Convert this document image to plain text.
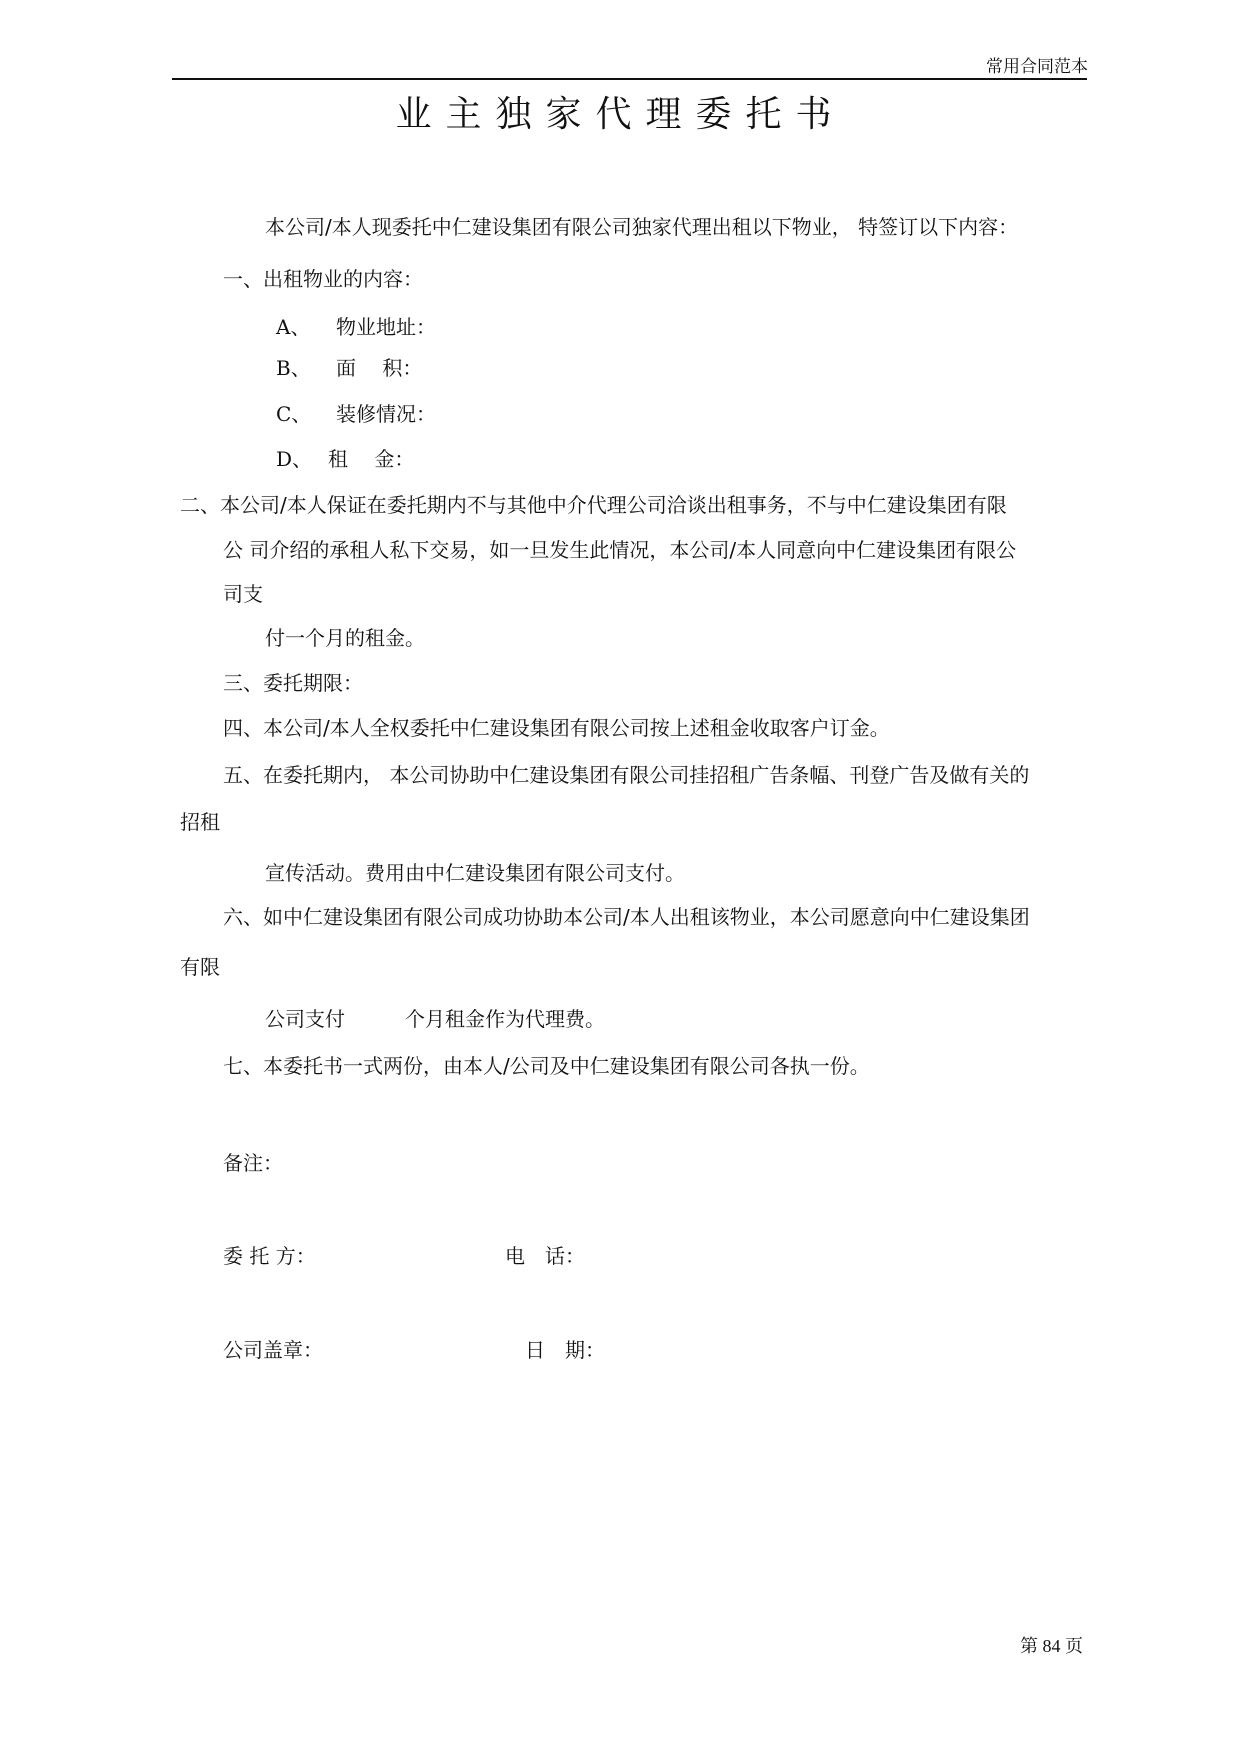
常用合同范本
业主独家代理委托书
本公司/本人现委托中仁建设集团有限公司独家代理出租以下物业， 特签订以下内容：
一、出租物业的内容：
A、 物业地址：
B、 面　 积：
C、 装修情况：
D、 租　 金：
二、本公司/本人保证在委托期内不与其他中介代理公司洽谈出租事务，不与中仁建设集团有限
公 司介绍的承租人私下交易，如一旦发生此情况，本公司/本人同意向中仁建设集团有限公
司支
付一个月的租金。
三、委托期限：
四、本公司/本人全权委托中仁建设集团有限公司按上述租金收取客户订金。
五、在委托期内， 本公司协助中仁建设集团有限公司挂招租广告条幅、刊登广告及做有关的
招租
宣传活动。费用由中仁建设集团有限公司支付。
六、如中仁建设集团有限公司成功协助本公司/本人出租该物业，本公司愿意向中仁建设集团
有限
公司支付	个月租金作为代理费。
七、本委托书一式两份，由本人/公司及中仁建设集团有限公司各执一份。
备注：
委 托 方：	电　话：
公司盖章：	日　期：
第 84 页
